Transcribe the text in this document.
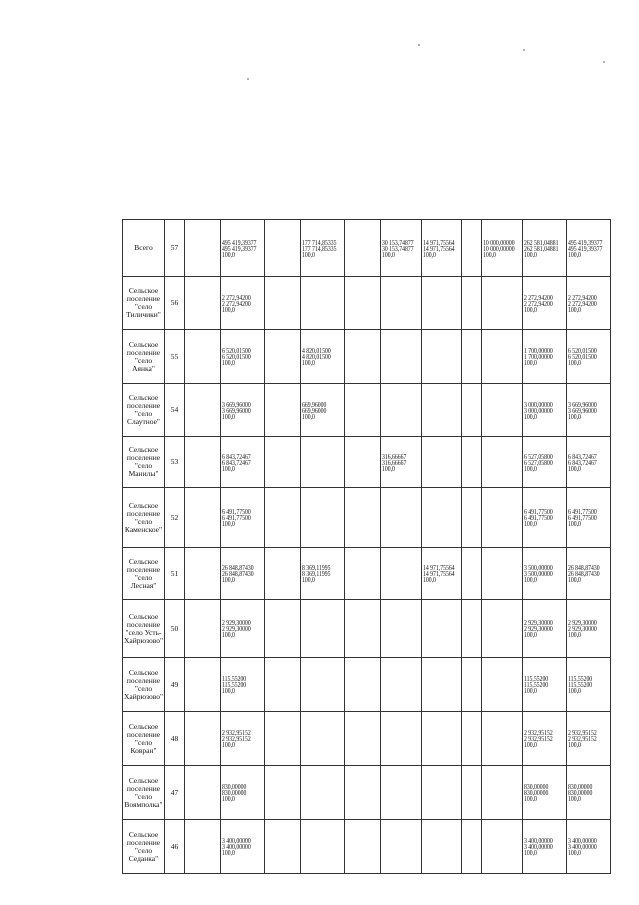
Всего	57		495 419,39377
495 419,39377
100,0		177 714,85335
177 714,85335
100,0		30 153,74877
30 153,74877
100,0	14 971,75564
14 971,75564
100,0		10 000,00000
10 000,00000
100,0	262 581,04881
262 581,04881
100,0	495 419,39377
495 419,39377
100,0

Сельское поселение "село Тиличики"	56		2 272,94200
2 272,94200
100,0								2 272,94200
2 272,94200
100,0	2 272,94200
2 272,94200
100,0

Сельское поселение "село Аянка"	55		6 520,01500
6 520,01500
100,0		4 820,01500
4 820,01500
100,0						1 700,00000
1 700,00000
100,0	6 520,01500
6 520,01500
100,0

Сельское поселение "село Слаутное"	54		3 669,96000
3 669,96000
100,0		669,96000
669,96000
100,0						3 000,00000
3 000,00000
100,0	3 669,96000
3 669,96000
100,0

Сельское поселение "село Манилы"	53		6 843,72467
6 843,72467
100,0				316,66667
316,66667
100,0				6 527,05800
6 527,05800
100,0	6 843,72467
6 843,72467
100,0

Сельское поселение "село Каменское"	52		6 491,77500
6 491,77500
100,0								6 491,77500
6 491,77500
100,0	6 491,77500
6 491,77500
100,0

Сельское поселение "село Лесная"	51		26 848,87430
26 848,87430
100,0		8 369,11995
8 369,11995
100,0			14 971,75564
14 971,75564
100,0			3 500,00000
3 500,00000
100,0	26 848,87430
26 848,87430
100,0

Сельское поселение "село Усть-Хайрюзово"	50		2 929,30000
2 929,30000
100,0								2 929,30000
2 929,30000
100,0	2 929,30000
2 929,30000
100,0

Сельское поселение "село Хайрюзово"	49		115,55200
115,55200
100,0								115,55200
115,55200
100,0	115,55200
115,55200
100,0

Сельское поселение "село Ковран"	48		2 932,95152
2 932,95152
100,0								2 932,95152
2 932,95152
100,0	2 932,95152
2 932,95152
100,0

Сельское поселение "село Воямполка"	47		830,00000
830,00000
100,0								830,00000
830,00000
100,0	830,00000
830,00000
100,0

Сельское поселение "село Седанка"	46		3 400,00000
3 400,00000
100,0								3 400,00000
3 400,00000
100,0	3 400,00000
3 400,00000
100,0
